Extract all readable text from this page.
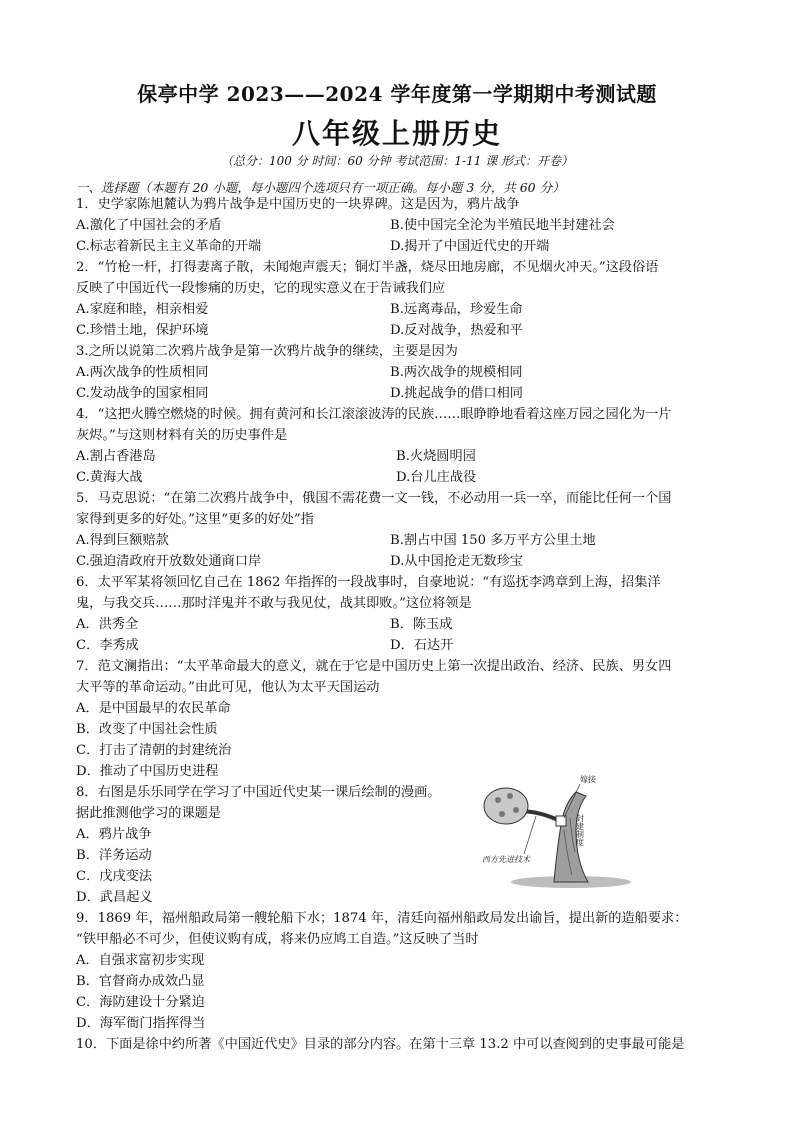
保亭中学 2023——2024 学年度第一学期期中考测试题
八年级上册历史
（总分：100 分 时间：60 分钟 考试范围：1-11 课 形式：开卷）
一、选择题（本题有 20 小题，每小题四个选项只有一项正确。每小题 3 分，共 60 分）
1．史学家陈旭麓认为鸦片战争是中国历史的一块界碑。这是因为，鸦片战争
A.激化了中国社会的矛盾	B.使中国完全沦为半殖民地半封建社会
C.标志着新民主主义革命的开端	D.揭开了中国近代史的开端
2．“竹枪一杆，打得妻离子散，未闻炮声震天；铜灯半盏，烧尽田地房廊，不见烟火冲天。”这段俗语
反映了中国近代一段惨痛的历史，它的现实意义在于告诫我们应
A.家庭和睦，相亲相爱	B.远离毒品，珍爱生命
C.珍惜土地，保护环境	D.反对战争，热爱和平
3.之所以说第二次鸦片战争是第一次鸦片战争的继续，主要是因为
A.两次战争的性质相同	B.两次战争的规模相同
C.发动战争的国家相同	D.挑起战争的借口相同
4．“这把火腾空燃烧的时候。拥有黄河和长江滚滚波涛的民族……眼睁睁地看着这座万园之园化为一片
灰烬。”与这则材料有关的历史事件是
A.割占香港岛	B.火烧圆明园
C.黄海大战	D.台儿庄战役
5．马克思说：“在第二次鸦片战争中，俄国不需花费一文一钱，不必动用一兵一卒，而能比任何一个国
家得到更多的好处。”这里“更多的好处”指
A.得到巨额赔款	B.割占中国 150 多万平方公里土地
C.强迫清政府开放数处通商口岸	D.从中国抢走无数珍宝
6．太平军某将领回忆自己在 1862 年指挥的一段战事时，自豪地说：“有巡抚李鸿章到上海，招集洋
鬼，与我交兵……那时洋鬼并不敢与我见仗，战其即败。”这位将领是
A．洪秀全	B．陈玉成
C．李秀成	D．石达开
7．范文澜指出：“太平革命最大的意义，就在于它是中国历史上第一次提出政治、经济、民族、男女四
大平等的革命运动。”由此可见，他认为太平天国运动
A．是中国最早的农民革命
B．改变了中国社会性质
C．打击了清朝的封建统治
D．推动了中国历史进程
8．右图是乐乐同学在学习了中国近代史某一课后绘制的漫画。
据此推测他学习的课题是
A．鸦片战争
B．洋务运动
C．戊戌变法
D．武昌起义
嫁接
封建制度
西方先进技术
9．1869 年，福州船政局第一艘轮船下水；1874 年，清廷向福州船政局发出谕旨，提出新的造船要求：
“铁甲船必不可少，但使议购有成，将来仍应鸠工自造。”这反映了当时
A．自强求富初步实现
B．官督商办成效凸显
C．海防建设十分紧迫
D．海军衙门指挥得当
10．下面是徐中约所著《中国近代史》目录的部分内容。在第十三章 13.2 中可以查阅到的史事最可能是
